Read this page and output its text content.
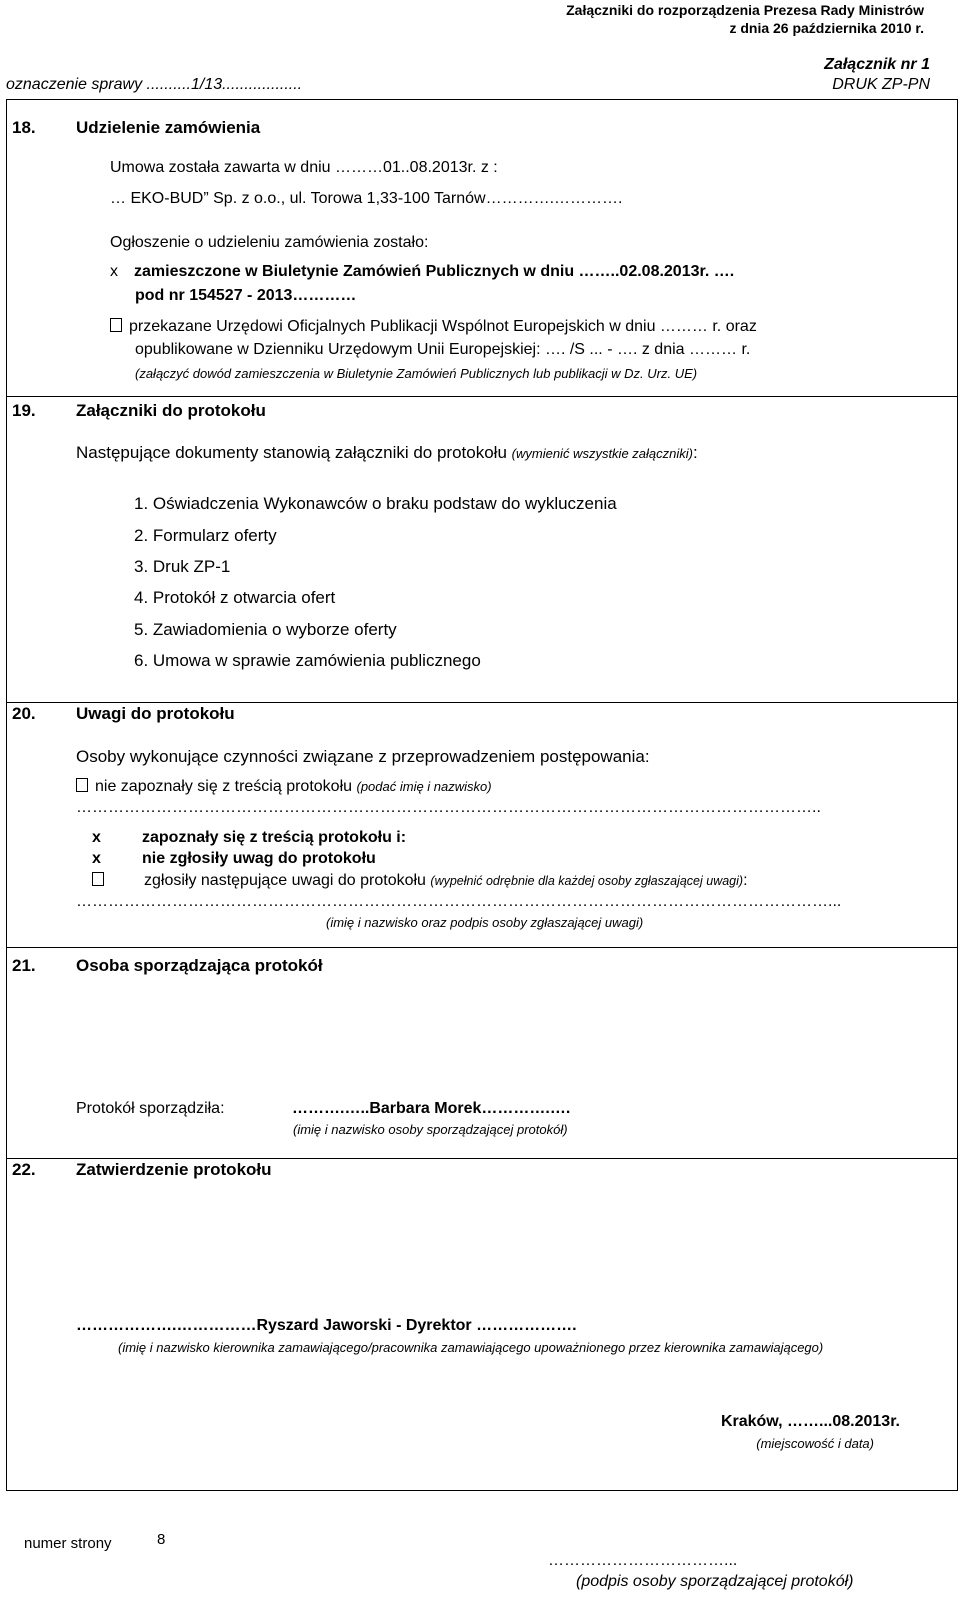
Załączniki do rozporządzenia Prezesa Rady Ministrów
z dnia 26 października 2010 r.
oznaczenie sprawy ..........1/13..................
Załącznik nr 1
DRUK ZP-PN
18. Udzielenie zamówienia
Umowa została zawarta w dniu ………01..08.2013r. z :
… EKO-BUD” Sp. z o.o., ul. Torowa 1,33-100 Tarnów………….………….
Ogłoszenie o udzieleniu zamówienia zostało:
x zamieszczone w Biuletynie Zamówień Publicznych w dniu ……..02.08.2013r. ….
pod nr 154527 - 2013…………
przekazane Urzędowi Oficjalnych Publikacji Wspólnot Europejskich w dniu ……… r. oraz
opublikowane w Dzienniku Urzędowym Unii Europejskiej: …. /S ... - …. z dnia ……… r.
(załączyć dowód zamieszczenia w Biuletynie Zamówień Publicznych lub publikacji w Dz. Urz. UE)
19. Załączniki do protokołu
Następujące dokumenty stanowią załączniki do protokołu (wymienić wszystkie załączniki):
1. Oświadczenia Wykonawców o braku podstaw do wykluczenia
2. Formularz oferty
3. Druk ZP-1
4. Protokół z otwarcia ofert
5. Zawiadomienia o wyborze oferty
6. Umowa w sprawie zamówienia publicznego
20. Uwagi do protokołu
Osoby wykonujące czynności związane z przeprowadzeniem postępowania:
nie zapoznały się z treścią protokołu (podać imię i nazwisko)
…………………………………………………………………………………………………………………………..
x	zapoznały się z treścią protokołu i:
x	nie zgłosiły uwag do protokołu
zgłosiły następujące uwagi do protokołu (wypełnić odrębnie dla każdej osoby zgłaszającej uwagi):
……………………………………………………………………………………………………………………………...
(imię i nazwisko oraz podpis osoby zgłaszającej uwagi)
21. Osoba sporządzająca protokół
Protokół sporządziła:	……….…..Barbara Morek………….….
(imię i nazwisko osoby sporządzającej protokół)
22. Zatwierdzenie protokołu
……………….……………Ryszard Jaworski - Dyrektor ……………….
(imię i nazwisko kierownika zamawiającego/pracownika zamawiającego upoważnionego przez kierownika zamawiającego)
Kraków, ……...08.2013r.
(miejscowość i data)
numer strony	8
……………………………...
(podpis osoby sporządzającej protokół)
